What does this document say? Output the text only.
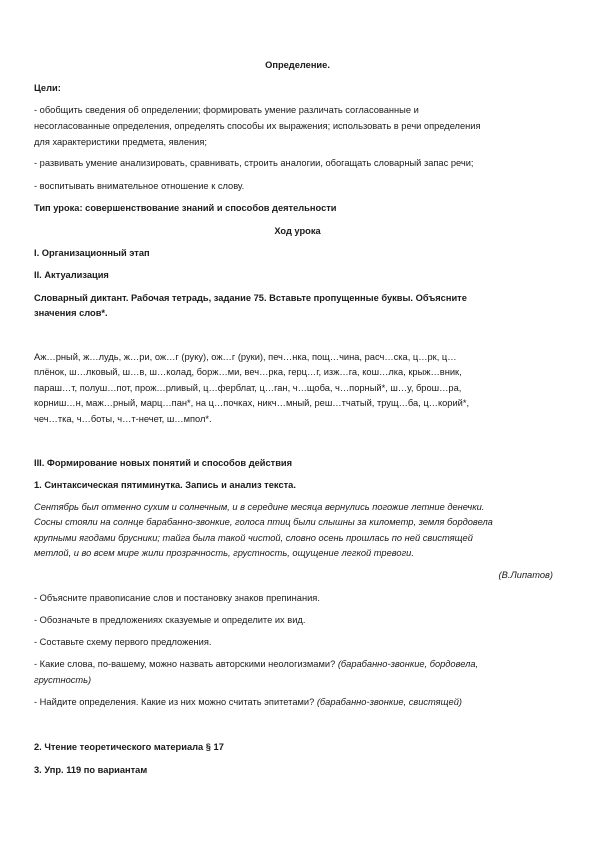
Определение.
Цели:
- обобщить сведения об определении; формировать умение различать согласованные и
несогласованные определения, определять способы их выражения; использовать в речи определения
для характеристики предмета, явления;
- развивать умение анализировать, сравнивать, строить аналогии, обогащать словарный запас речи;
- воспитывать внимательное отношение к слову.
Тип урока: совершенствование знаний и способов деятельности
Ход урока
I. Организационный этап
II. Актуализация
Словарный диктант. Рабочая тетрадь, задание 75. Вставьте пропущенные буквы. Объясните
значения слов*.
Аж…рный, ж…лудь, ж…ри, ож…г (руку), ож…г (руки), печ…нка, пощ…чина, расч…ска, ц…рк, ц…
плёнок, ш…лковый, ш…в, ш…колад, борж…ми, веч…рка, герц…г, изж…га, кош…лка, крыж…вник,
параш…т, полуш…пот, прож…рливый, ц…ферблат, ц…ган, ч…щоба, ч…порный*, ш…у, брош…ра,
корниш…н, мaж…рный, марц…пан*, на ц…почках, никч…мный, реш…тчатый, трущ…ба, ц…корий*,
чеч…тка, ч…боты, ч…т-нечет, ш…мпол*.
III. Формирование новых понятий и способов действия
1. Синтаксическая пятиминутка. Запись и анализ текста.
Сентябрь был отменно сухим и солнечным, и в середине месяца вернулись погожие летние денечки.
Сосны стояли на солнце барабанно-звонкие, голоса птиц были слышны за километр, земля бордовела
крупными ягодами брусники; тайга была такой чистой, словно осень прошлась по ней свистящей
метлой, и во всем мире жили прозрачность, грустность, ощущение легкой тревоги.
(В.Липатов)
- Объясните правописание слов и постановку знаков препинания.
- Обозначьте в предложениях сказуемые и определите их вид.
- Составьте схему первого предложения.
- Какие слова, по-вашему, можно назвать авторскими неологизмами? (барабанно-звонкие, бордовела,
грустность)
- Найдите определения. Какие из них можно считать эпитетами? (барабанно-звонкие, свистящей)
2. Чтение теоретического материала § 17
3. Упр. 119 по вариантам
